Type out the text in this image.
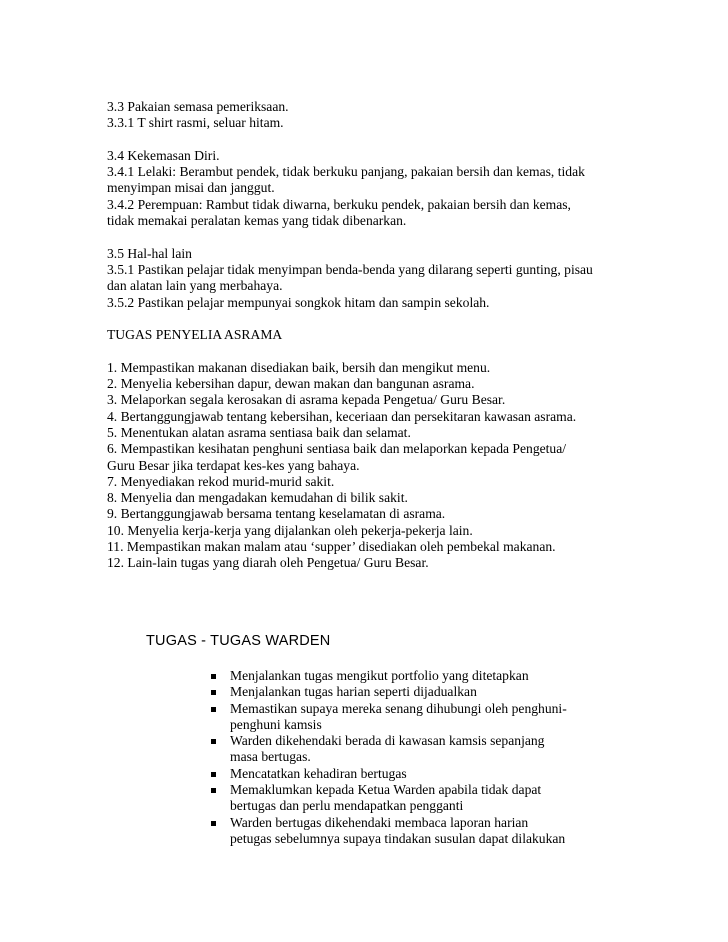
3.3 Pakaian semasa pemeriksaan.

3.3.1 T shirt rasmi, seluar hitam.

3.4 Kekemasan Diri.

3.4.1 Lelaki: Berambut pendek, tidak berkuku panjang, pakaian bersih dan kemas, tidak
menyimpan misai dan janggut.

3.4.2 Perempuan: Rambut tidak diwarna, berkuku pendek, pakaian bersih dan kemas,
tidak memakai peralatan kemas yang tidak dibenarkan.

3.5 Hal-hal lain

3.5.1 Pastikan pelajar tidak menyimpan benda-benda yang dilarang seperti gunting, pisau
dan alatan lain yang merbahaya.

3.5.2 Pastikan pelajar mempunyai songkok hitam dan sampin sekolah.

TUGAS PENYELIA ASRAMA

1. Mempastikan makanan disediakan baik, bersih dan mengikut menu.

2. Menyelia kebersihan dapur, dewan makan dan bangunan asrama.

3. Melaporkan segala kerosakan di asrama kepada Pengetua/ Guru Besar.

4. Bertanggungjawab tentang kebersihan, keceriaan dan persekitaran kawasan asrama.

5. Menentukan alatan asrama sentiasa baik dan selamat.

6. Mempastikan kesihatan penghuni sentiasa baik dan melaporkan kepada Pengetua/
Guru Besar jika terdapat kes-kes yang bahaya.

7. Menyediakan rekod murid-murid sakit.

8. Menyelia dan mengadakan kemudahan di bilik sakit.

9. Bertanggungjawab bersama tentang keselamatan di asrama.

10. Menyelia kerja-kerja yang dijalankan oleh pekerja-pekerja lain.

11. Mempastikan makan malam atau ‘supper’ disediakan oleh pembekal makanan.

12. Lain-lain tugas yang diarah oleh Pengetua/ Guru Besar.

TUGAS - TUGAS WARDEN
Menjalankan tugas mengikut portfolio yang ditetapkan
Menjalankan tugas harian seperti dijadualkan
Memastikan supaya mereka senang dihubungi oleh penghuni-
penghuni kamsis
Warden dikehendaki berada di kawasan kamsis sepanjang
masa bertugas.
Mencatatkan kehadiran bertugas
Memaklumkan kepada Ketua Warden apabila tidak dapat
bertugas dan perlu mendapatkan pengganti
Warden bertugas dikehendaki membaca laporan harian
petugas sebelumnya supaya tindakan susulan dapat dilakukan
